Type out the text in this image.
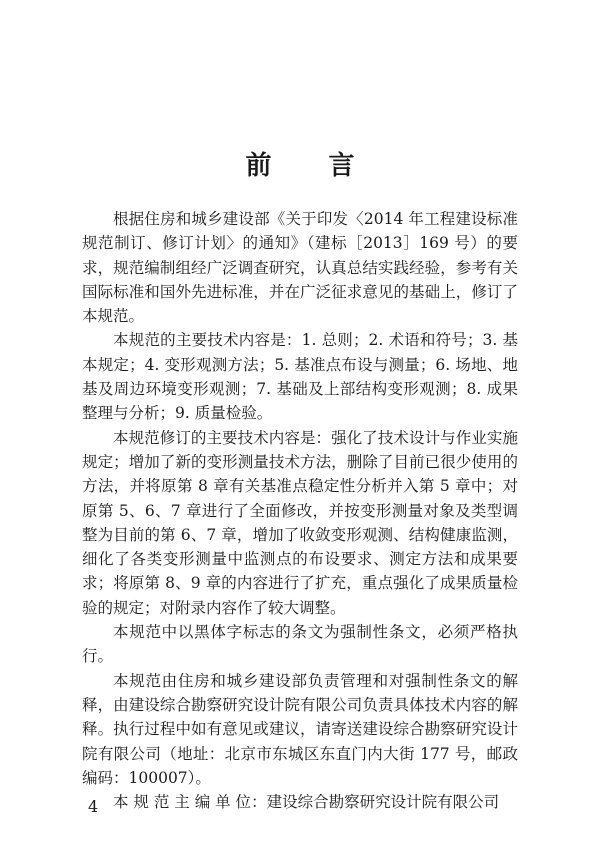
前 言

根据住房和城乡建设部《关于印发〈2014 年工程建设标准规范制订、修订计划〉的通知》（建标［2013］169 号）的要求，规范编制组经广泛调查研究，认真总结实践经验，参考有关国际标准和国外先进标准，并在广泛征求意见的基础上，修订了本规范。

本规范的主要技术内容是：1. 总则；2. 术语和符号；3. 基本规定；4. 变形观测方法；5. 基准点布设与测量；6. 场地、地基及周边环境变形观测；7. 基础及上部结构变形观测；8. 成果整理与分析；9. 质量检验。

本规范修订的主要技术内容是：强化了技术设计与作业实施规定；增加了新的变形测量技术方法，删除了目前已很少使用的方法，并将原第 8 章有关基准点稳定性分析并入第 5 章中；对原第 5、6、7 章进行了全面修改，并按变形测量对象及类型调整为目前的第 6、7 章，增加了收敛变形观测、结构健康监测，细化了各类变形测量中监测点的布设要求、测定方法和成果要求；将原第 8、9 章的内容进行了扩充，重点强化了成果质量检验的规定；对附录内容作了较大调整。

本规范中以黑体字标志的条文为强制性条文，必须严格执行。

本规范由住房和城乡建设部负责管理和对强制性条文的解释，由建设综合勘察研究设计院有限公司负责具体技术内容的解释。执行过程中如有意见或建议，请寄送建设综合勘察研究设计院有限公司（地址：北京市东城区东直门内大街 177 号，邮政编码：100007）。

本 规 范 主 编 单 位：建设综合勘察研究设计院有限公司

4
